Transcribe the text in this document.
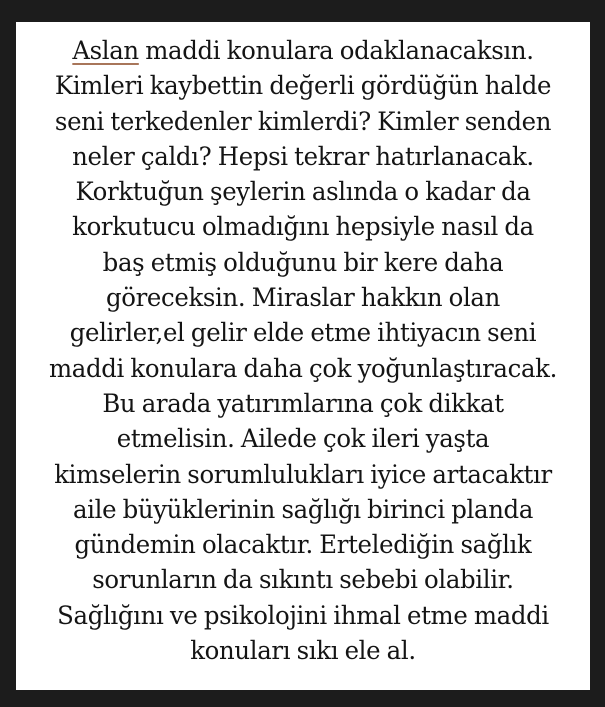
Aslan maddi konulara odaklanacaksın.
Kimleri kaybettin değerli gördüğün halde
seni terkedenler kimlerdi? Kimler senden
neler çaldı? Hepsi tekrar hatırlanacak.
Korktuğun şeylerin aslında o kadar da
korkutucu olmadığını hepsiyle nasıl da
baş etmiş olduğunu bir kere daha
göreceksin. Miraslar hakkın olan
gelirler,el gelir elde etme ihtiyacın seni
maddi konulara daha çok yoğunlaştıracak.
Bu arada yatırımlarına çok dikkat
etmelisin. Ailede çok ileri yaşta
kimselerin sorumlulukları iyice artacaktır
aile büyüklerinin sağlığı birinci planda
gündemin olacaktır. Ertelediğin sağlık
sorunların da sıkıntı sebebi olabilir.
Sağlığını ve psikolojini ihmal etme maddi
konuları sıkı ele al.
